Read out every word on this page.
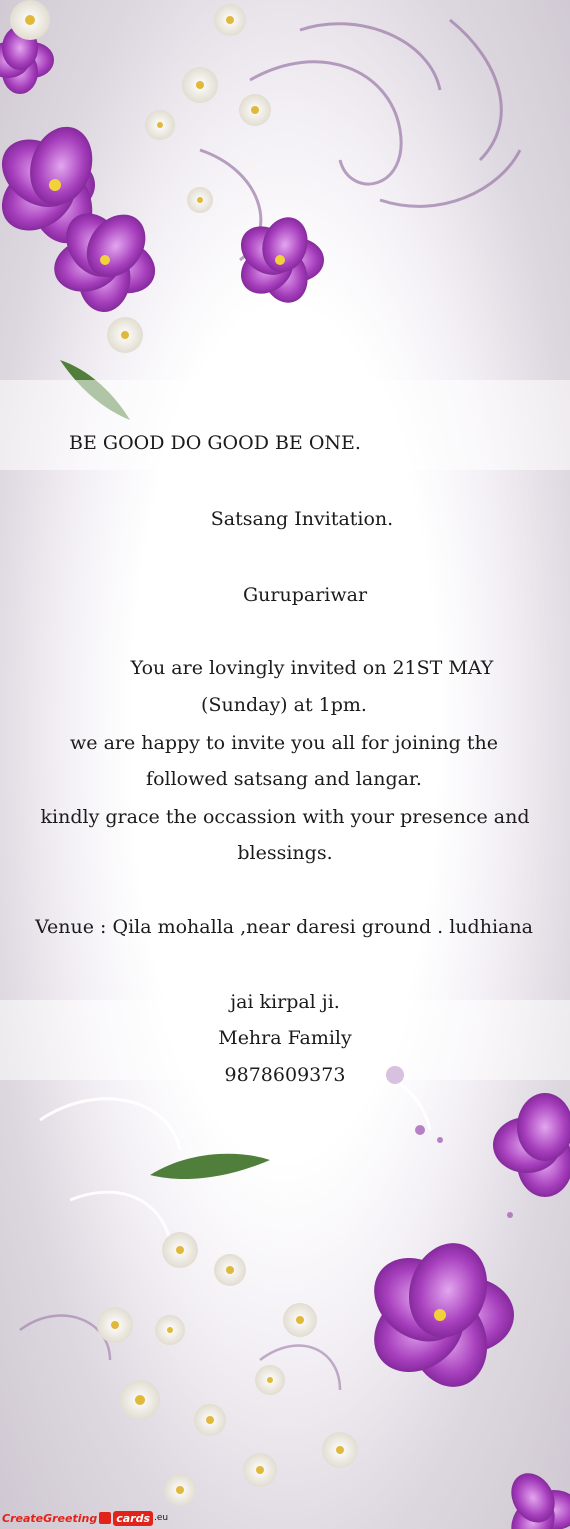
BE GOOD DO GOOD BE ONE.
Satsang Invitation.
Gurupariwar
You are lovingly invited on 21ST MAY
(Sunday) at 1pm.
we are happy to invite you all for joining the
followed satsang and langar.
kindly grace the occassion with your presence and
blessings.
Venue : Qila mohalla ,near daresi ground . ludhiana
jai kirpal ji.
Mehra Family
9878609373
CreateGreeting cards .eu
